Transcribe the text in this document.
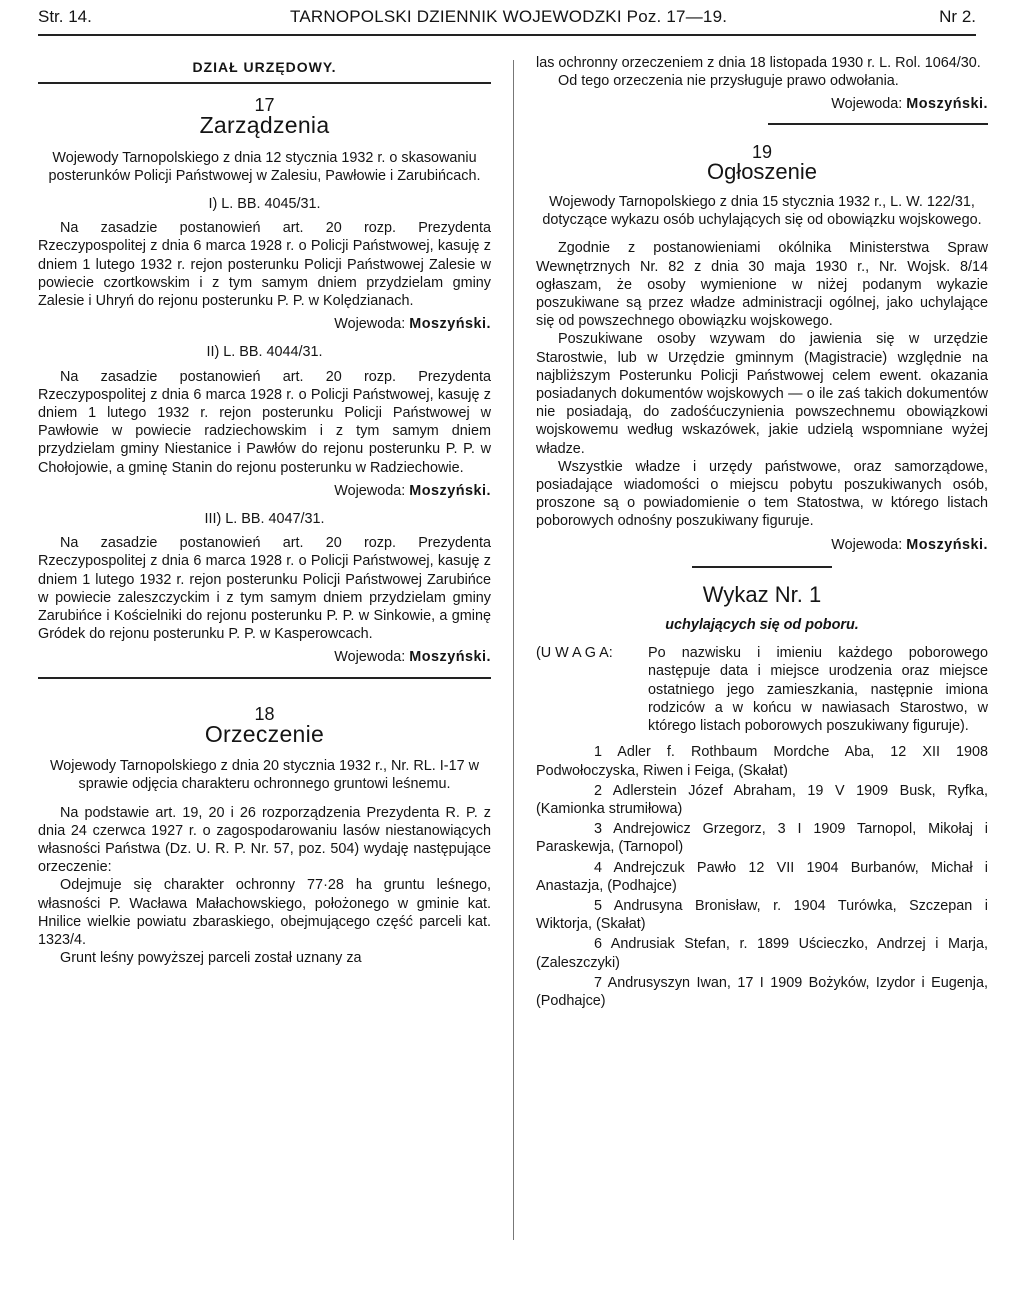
Str. 14.	TARNOPOLSKI DZIENNIK WOJEWODZKI Poz. 17—19.	Nr 2.

DZIAŁ URZĘDOWY.

17

Zarządzenia

Wojewody Tarnopolskiego z dnia 12 stycznia 1932 r. o skasowaniu posterunków Policji Państwowej w Zalesiu, Pawłowie i Zarubińcach.

I) L. BB. 4045/31.

Na zasadzie postanowień art. 20 rozp. Prezydenta Rzeczypospolitej z dnia 6 marca 1928 r. o Policji Państwowej, kasuję z dniem 1 lutego 1932 r. rejon posterunku Policji Państwowej Zalesie w powiecie czortkowskim i z tym samym dniem przydzielam gminy Zalesie i Uhryń do rejonu posterunku P. P. w Kolędzianach.

Wojewoda: Moszyński.

II) L. BB. 4044/31.

Na zasadzie postanowień art. 20 rozp. Prezydenta Rzeczypospolitej z dnia 6 marca 1928 r. o Policji Państwowej, kasuję z dniem 1 lutego 1932 r. rejon posterunku Policji Państwowej w Pawłowie w powiecie radziechowskim i z tym samym dniem przydzielam gminy Niestanice i Pawłów do rejonu posterunku P. P. w Chołojowie, a gminę Stanin do rejonu posterunku w Radziechowie.

Wojewoda: Moszyński.

III) L. BB. 4047/31.

Na zasadzie postanowień art. 20 rozp. Prezydenta Rzeczypospolitej z dnia 6 marca 1928 r. o Policji Państwowej, kasuję z dniem 1 lutego 1932 r. rejon posterunku Policji Państwowej Zarubińce w powiecie zaleszczyckim i z tym samym dniem przydzielam gminy Zarubińce i Kościelniki do rejonu posterunku P. P. w Sinkowie, a gminę Gródek do rejonu posterunku P. P. w Kasperowcach.

Wojewoda: Moszyński.

18

Orzeczenie

Wojewody Tarnopolskiego z dnia 20 stycznia 1932 r., Nr. RL. I-17 w sprawie odjęcia charakteru ochronnego gruntowi leśnemu.

Na podstawie art. 19, 20 i 26 rozporządzenia Prezydenta R. P. z dnia 24 czerwca 1927 r. o zagospodarowaniu lasów niestanowiących własności Państwa (Dz. U. R. P. Nr. 57, poz. 504) wydaję następujące orzeczenie:

Odejmuje się charakter ochronny 77·28 ha gruntu leśnego, własności P. Wacława Małachowskiego, położonego w gminie kat. Hnilice wielkie powiatu zbaraskiego, obejmującego część parceli kat. 1323/4.

Grunt leśny powyższej parceli został uznany za

las ochronny orzeczeniem z dnia 18 listopada 1930 r. L. Rol. 1064/30.

Od tego orzeczenia nie przysługuje prawo odwołania.

Wojewoda: Moszyński.

19

Ogłoszenie

Wojewody Tarnopolskiego z dnia 15 stycznia 1932 r., L. W. 122/31, dotyczące wykazu osób uchylających się od obowiązku wojskowego.

Zgodnie z postanowieniami okólnika Ministerstwa Spraw Wewnętrznych Nr. 82 z dnia 30 maja 1930 r., Nr. Wojsk. 8/14 ogłaszam, że osoby wymienione w niżej podanym wykazie poszukiwane są przez władze administracji ogólnej, jako uchylające się od powszechnego obowiązku wojskowego.

Poszukiwane osoby wzywam do jawienia się w urzędzie Starostwie, lub w Urzędzie gminnym (Magistracie) względnie na najbliższym Posterunku Policji Państwowej celem ewent. okazania posiadanych dokumentów wojskowych — o ile zaś takich dokumentów nie posiadają, do zadośćuczynienia powszechnemu obowiązkowi wojskowemu według wskazówek, jakie udzielą wspomniane wyżej władze.

Wszystkie władze i urzędy państwowe, oraz samorządowe, posiadające wiadomości o miejscu pobytu poszukiwanych osób, proszone są o powiadomienie o tem Statostwa, w którego listach poborowych odnośny poszukiwany figuruje.

Wojewoda: Moszyński.

Wykaz Nr. 1

uchylających się od poboru.

(U W A G A:	Po nazwisku i imieniu każdego poborowego następuje data i miejsce urodzenia oraz miejsce ostatniego jego zamieszkania, następnie imiona rodziców a w końcu w nawiasach Starostwo, w którego listach poborowych poszukiwany figuruje).

1 Adler f. Rothbaum Mordche Aba, 12 XII 1908 Podwołoczyska, Riwen i Feiga, (Skałat)

2 Adlerstein Józef Abraham, 19 V 1909 Busk, Ryfka, (Kamionka strumiłowa)

3 Andrejowicz Grzegorz, 3 I 1909 Tarnopol, Mikołaj i Paraskewja, (Tarnopol)

4 Andrejczuk Pawło 12 VII 1904 Burbanów, Michał i Anastazja, (Podhajce)

5 Andrusyna Bronisław, r. 1904 Turówka, Szczepan i Wiktorja, (Skałat)

6 Andrusiak Stefan, r. 1899 Uścieczko, Andrzej i Marja, (Zaleszczyki)

7 Andrusyszyn Iwan, 17 I 1909 Bożyków, Izydor i Eugenja, (Podhajce)
